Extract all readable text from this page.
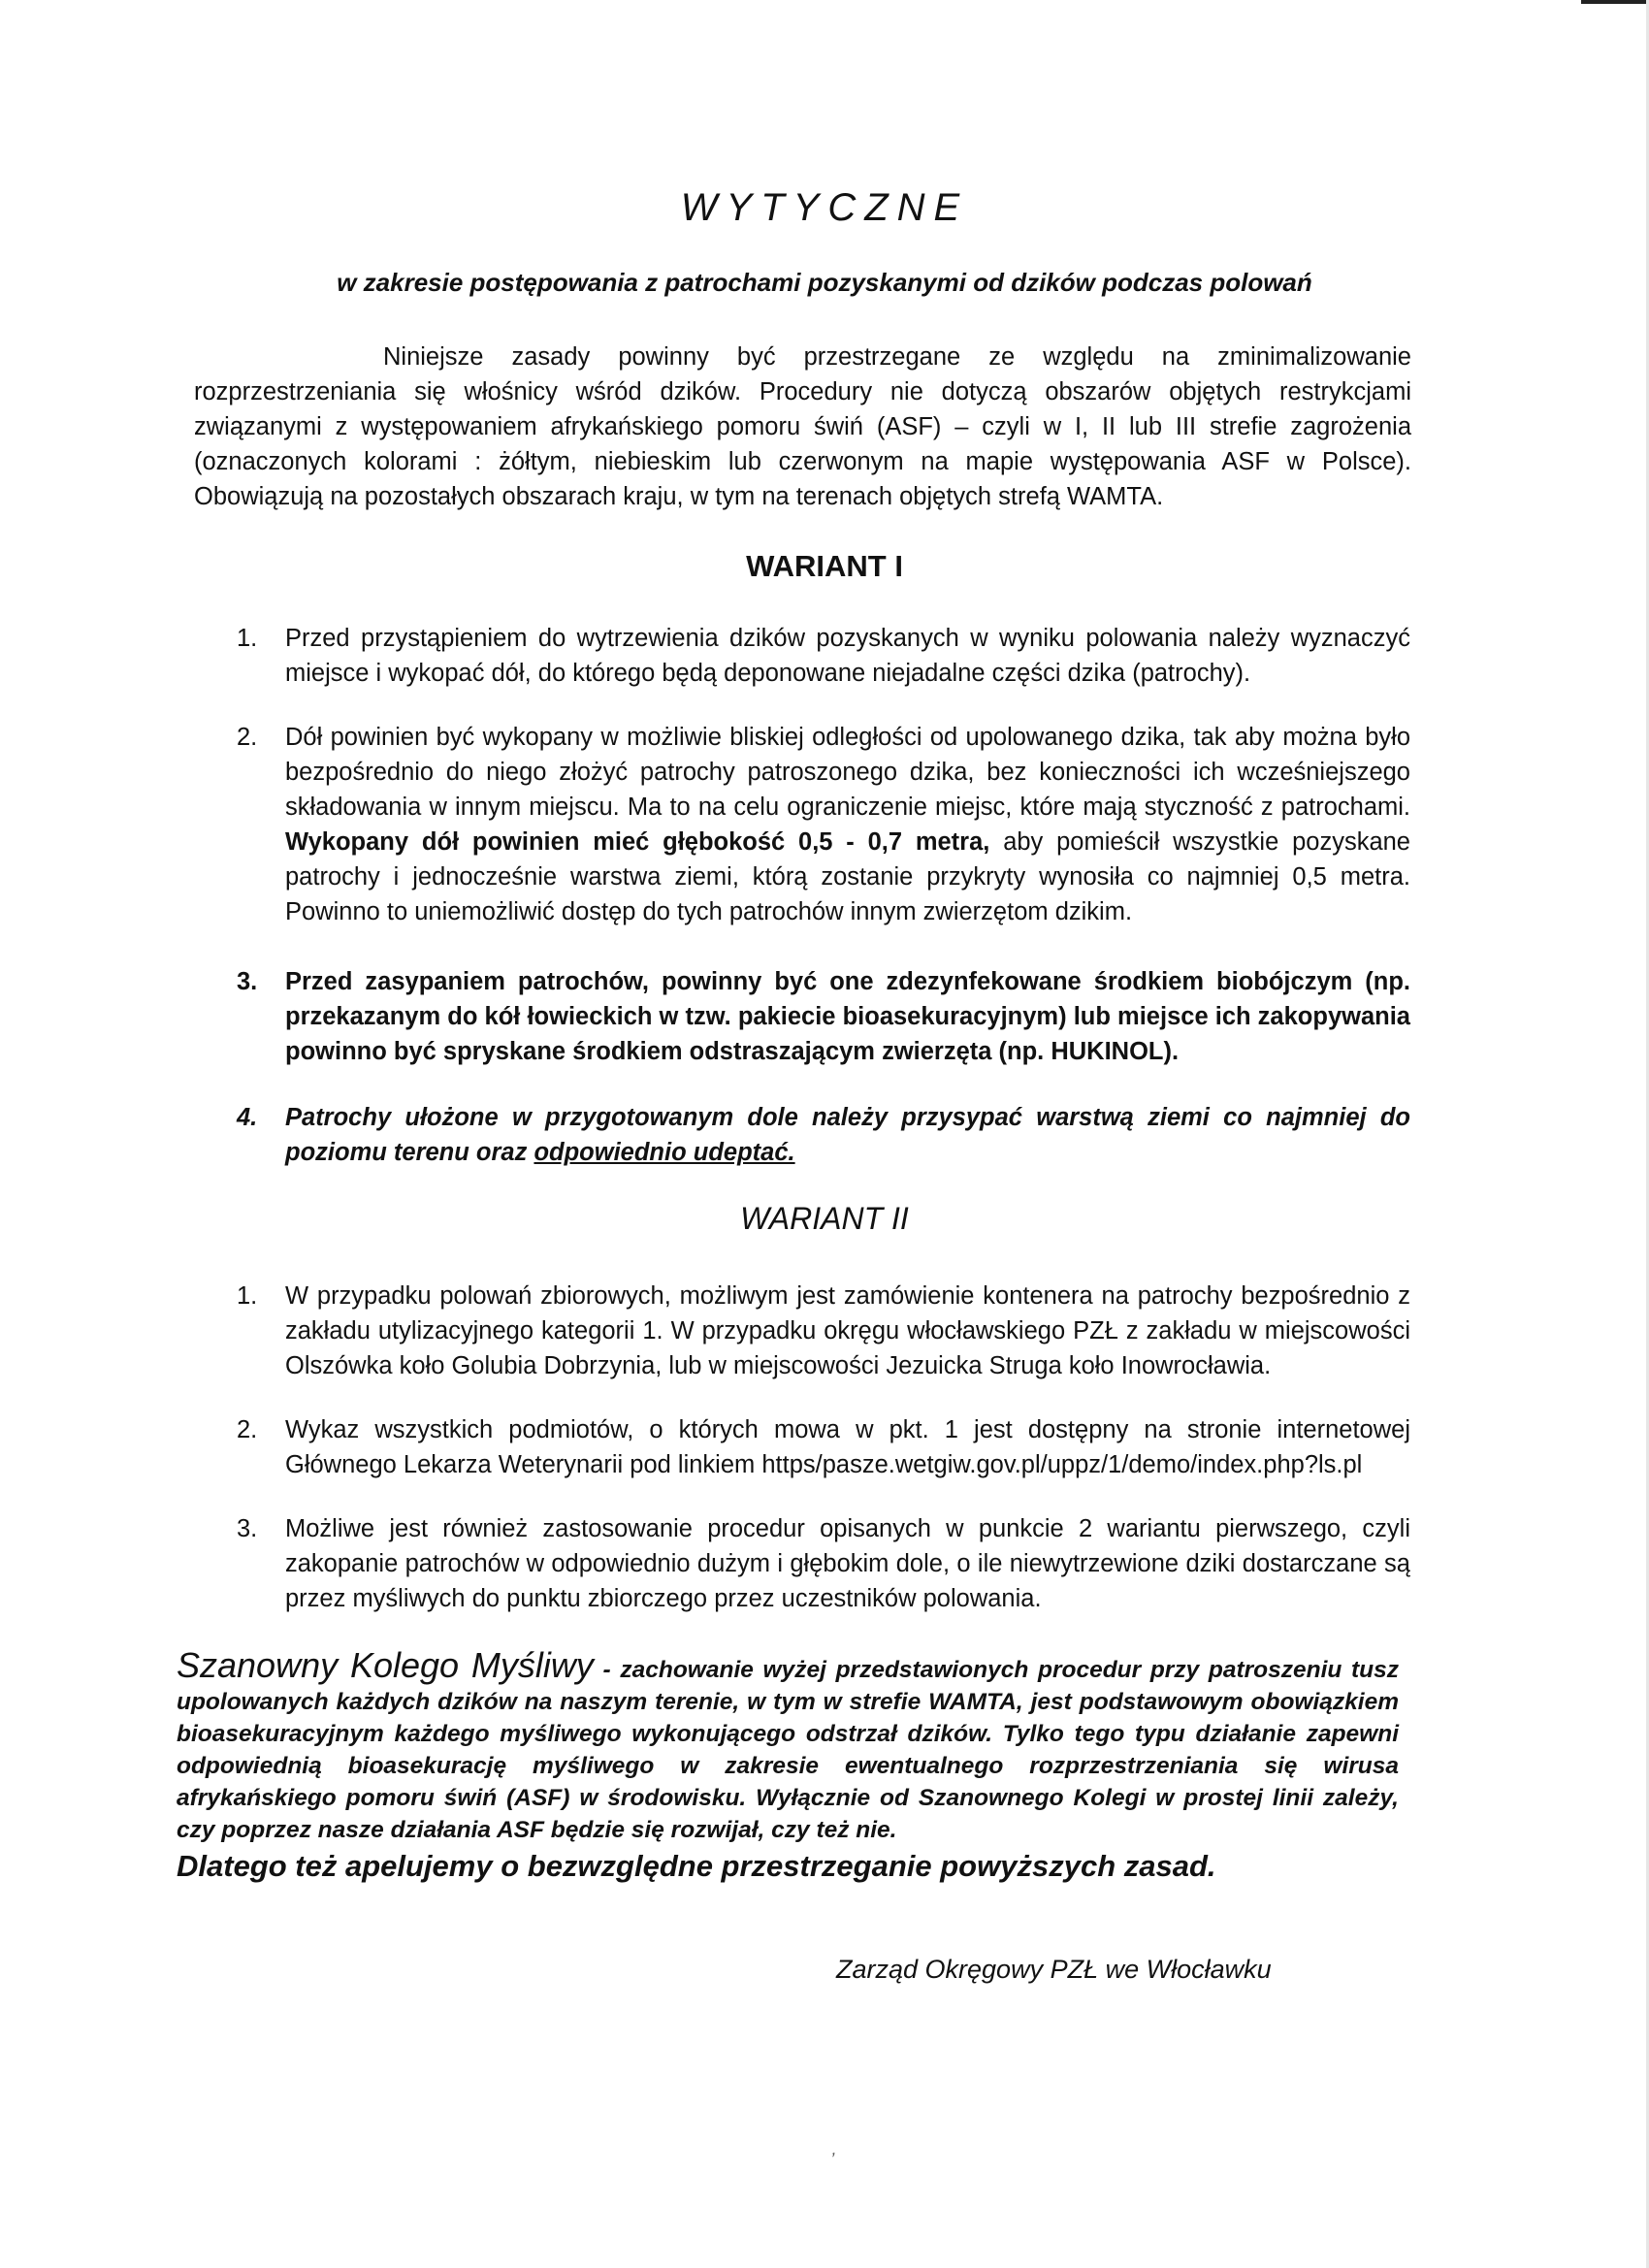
WYTYCZNE
w zakresie postępowania z patrochami pozyskanymi od dzików podczas polowań
Niniejsze zasady powinny być przestrzegane ze względu na zminimalizowanie rozprzestrzeniania się włośnicy wśród dzików. Procedury nie dotyczą obszarów objętych restrykcjami związanymi z występowaniem afrykańskiego pomoru świń (ASF) – czyli w I, II lub III strefie zagrożenia (oznaczonych kolorami : żółtym, niebieskim lub czerwonym na mapie występowania ASF w Polsce). Obowiązują na pozostałych obszarach kraju, w tym na terenach objętych strefą WAMTA.
WARIANT I
1.	Przed przystąpieniem do wytrzewienia dzików pozyskanych w wyniku polowania należy wyznaczyć miejsce i wykopać dół, do którego będą deponowane niejadalne części dzika (patrochy).
2.	Dół powinien być wykopany w możliwie bliskiej odległości od upolowanego dzika, tak aby można było bezpośrednio do niego złożyć patrochy patroszonego dzika, bez konieczności ich wcześniejszego składowania w innym miejscu. Ma to na celu ograniczenie miejsc, które mają styczność z patrochami. Wykopany dół powinien mieć głębokość 0,5 - 0,7 metra, aby pomieścił wszystkie pozyskane patrochy i jednocześnie warstwa ziemi, którą zostanie przykryty wynosiła co najmniej 0,5 metra. Powinno to uniemożliwić dostęp do tych patrochów innym zwierzętom dzikim.
3.	Przed zasypaniem patrochów, powinny być one zdezynfekowane środkiem biobójczym (np. przekazanym do kół łowieckich w tzw. pakiecie bioasekuracyjnym) lub miejsce ich zakopywania powinno być spryskane środkiem odstraszającym zwierzęta (np. HUKINOL).
4.	Patrochy ułożone w przygotowanym dole należy przysypać warstwą ziemi co najmniej do poziomu terenu oraz odpowiednio udeptać.
WARIANT II
1.	W przypadku polowań zbiorowych, możliwym jest zamówienie kontenera na patrochy bezpośrednio z zakładu utylizacyjnego kategorii 1. W przypadku okręgu włocławskiego PZŁ z zakładu w miejscowości Olszówka koło Golubia Dobrzynia, lub w miejscowości Jezuicka Struga koło Inowrocławia.
2.	Wykaz wszystkich podmiotów, o których mowa w pkt. 1 jest dostępny na stronie internetowej Głównego Lekarza Weterynarii pod linkiem https/pasze.wetgiw.gov.pl/uppz/1/demo/index.php?ls.pl
3.	Możliwe jest również zastosowanie procedur opisanych w punkcie 2 wariantu pierwszego, czyli zakopanie patrochów w odpowiednio dużym i głębokim dole, o ile niewytrzewione dziki dostarczane są przez myśliwych do punktu zbiorczego przez uczestników polowania.
Szanowny Kolego Myśliwy - zachowanie wyżej przedstawionych procedur przy patroszeniu tusz upolowanych każdych dzików na naszym terenie, w tym w strefie WAMTA, jest podstawowym obowiązkiem bioasekuracyjnym każdego myśliwego wykonującego odstrzał dzików. Tylko tego typu działanie zapewni odpowiednią bioasekurację myśliwego w zakresie ewentualnego rozprzestrzeniania się wirusa afrykańskiego pomoru świń (ASF) w środowisku. Wyłącznie od Szanownego Kolegi w prostej linii zależy, czy poprzez nasze działania ASF będzie się rozwijał, czy też nie.
Dlatego też apelujemy o bezwzględne przestrzeganie powyższych zasad.
Zarząd Okręgowy PZŁ we Włocławku
‚
